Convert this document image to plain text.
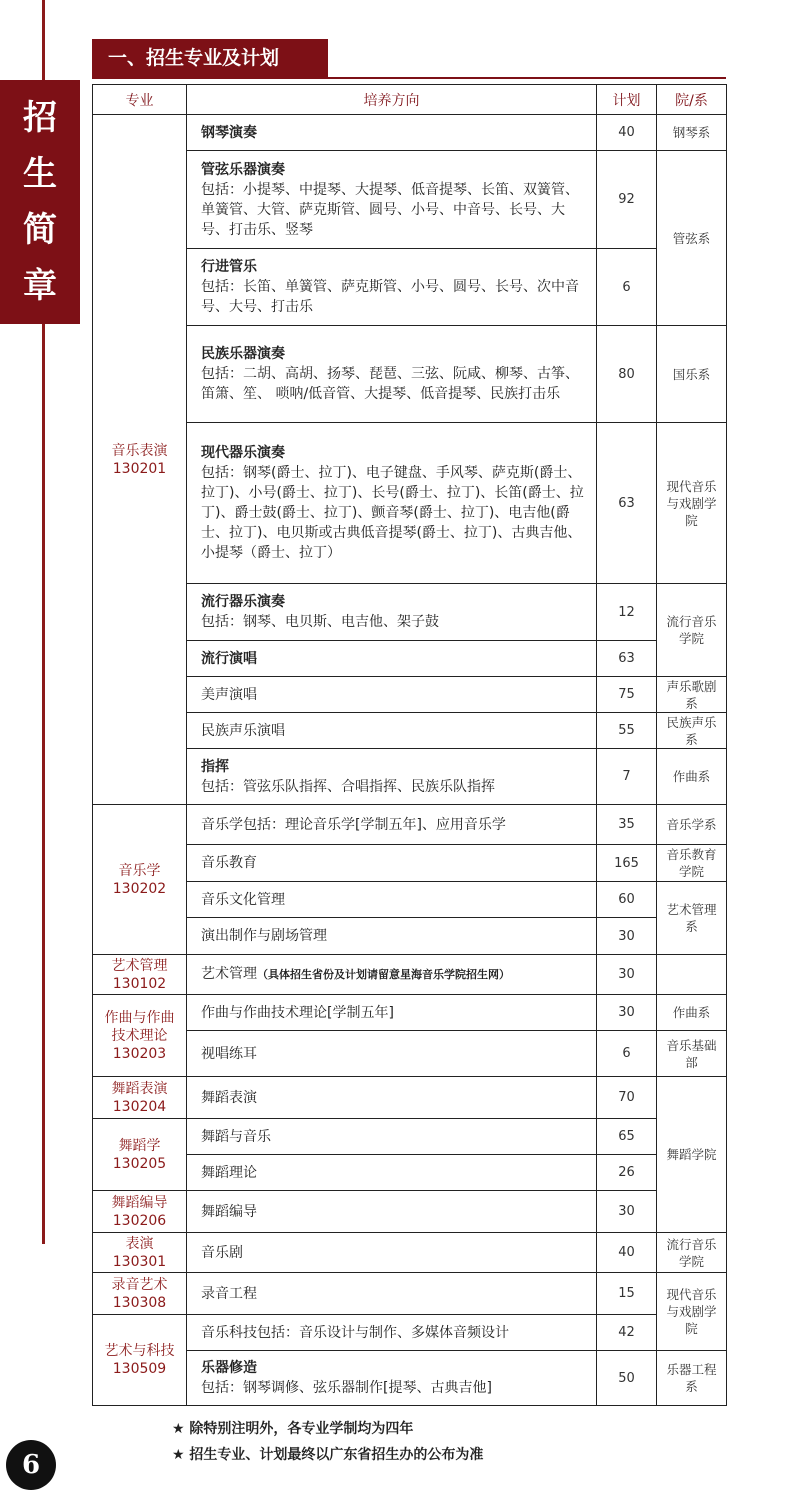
招
生
简
章
一、招生专业及计划
专业	培养方向	计划	院/系

音乐表演
130201	钢琴演奏	40	钢琴系

	管弦乐器演奏
包括：小提琴、中提琴、大提琴、低音提琴、长笛、双簧管、单簧管、大管、萨克斯管、圆号、小号、中音号、长号、大号、打击乐、竖琴	92	管弦系

	行进管乐
包括：长笛、单簧管、萨克斯管、小号、圆号、长号、次中音号、大号、打击乐	6	

	民族乐器演奏
包括：二胡、高胡、扬琴、琵琶、三弦、阮咸、柳琴、古筝、笛箫、笙、 唢呐/低音管、大提琴、低音提琴、民族打击乐	80	国乐系

	现代器乐演奏
包括：钢琴(爵士、拉丁)、电子键盘、手风琴、萨克斯(爵士、拉丁)、小号(爵士、拉丁)、长号(爵士、拉丁)、长笛(爵士、拉丁)、爵士鼓(爵士、拉丁)、颤音琴(爵士、拉丁)、电吉他(爵士、拉丁)、电贝斯或古典低音提琴(爵士、拉丁)、古典吉他、小提琴（爵士、拉丁）	63	现代音乐与戏剧学院

	流行器乐演奏
包括：钢琴、电贝斯、电吉他、架子鼓	12	流行音乐学院

	流行演唱	63	

	美声演唱	75	声乐歌剧系

	民族声乐演唱	55	民族声乐系

	指挥
包括：管弦乐队指挥、合唱指挥、民族乐队指挥	7	作曲系

音乐学
130202	音乐学包括：理论音乐学[学制五年]、应用音乐学	35	音乐学系

	音乐教育	165	音乐教育学院

	音乐文化管理	60	艺术管理系

	演出制作与剧场管理	30	

艺术管理
130102	艺术管理（具体招生省份及计划请留意星海音乐学院招生网）	30	

作曲与作曲技术理论
130203	作曲与作曲技术理论[学制五年]	30	作曲系

	视唱练耳	6	音乐基础部

舞蹈表演
130204	舞蹈表演	70	舞蹈学院

舞蹈学
130205	舞蹈与音乐	65	

	舞蹈理论	26	

舞蹈编导
130206	舞蹈编导	30	

表演
130301	音乐剧	40	流行音乐学院

录音艺术
130308	录音工程	15	现代音乐与戏剧学院

艺术与科技
130509	音乐科技包括：音乐设计与制作、多媒体音频设计	42	

	乐器修造
包括：钢琴调修、弦乐器制作[提琴、古典吉他]	50	乐器工程系
★ 除特别注明外，各专业学制均为四年
★ 招生专业、计划最终以广东省招生办的公布为准
6
